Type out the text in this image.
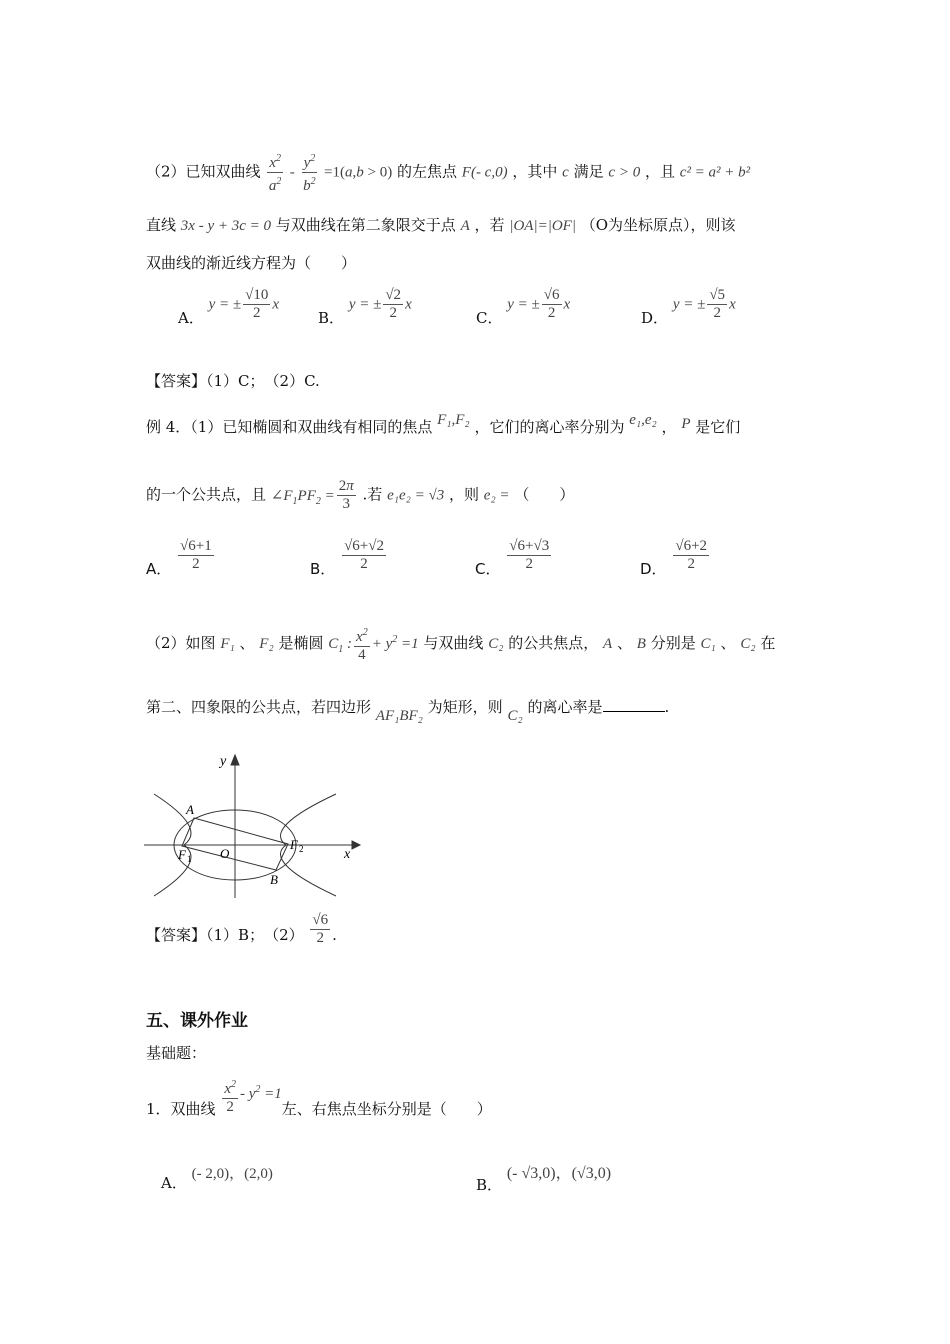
（2）已知双曲线 $\frac{x^2}{a^2} - \frac{y^2}{b^2} =1(a,b > 0)$ 的左焦点 F(- c,0) ，其中 c 满足 c > 0 ，且 c² = a² + b²
直线 3x - y + 3c = 0 与双曲线在第二象限交于点 A ，若 |OA|=|OF| （O为坐标原点），则该
双曲线的渐近线方程为（　　）
A． y = ± $\frac{√10}{2}$ x
B． y = ± $\frac{√2}{2}$ x
C． y = ± $\frac{√6}{2}$ x
D． y = ± $\frac{√5}{2}$ x
【答案】（1）C；　（2）C.
例 4．（1）已知椭圆和双曲线有相同的焦点 F₁,F₂ ，它们的离心率分别为 e₁,e₂ ， P 是它们
的一个公共点，且 $\angle F_1PF_2 = \frac{2\pi}{3}$ .若 e₁e₂ = √3 ，则 e₂ = （　　）
A． $\frac{√6+1}{2}$	B． $\frac{√6+√2}{2}$	C． $\frac{√6+√3}{2}$	D． $\frac{√6+2}{2}$
（2）如图 F₁ 、 F₂ 是椭圆 $C_1$ : $\frac{x^2}{4} + y^2 =1$ 与双曲线 C₂ 的公共焦点， A 、 B 分别是 C₁ 、 C₂ 在
第二、四象限的公共点，若四边形 AF₁BF₂ 为矩形，则 C₂ 的离心率是	.
y
x
O
A
B
F 1
F 2
【答案】（1）B；　$(2) \frac{√6}{2}$ .
五、课外作业
基础题：
1．双曲线 $\frac{x^2}{2} - y^2 =1$左、右焦点坐标分别是（　　）
A． (- 2,0)，(2,0)
B． (- √3,0)，(√3,0)
